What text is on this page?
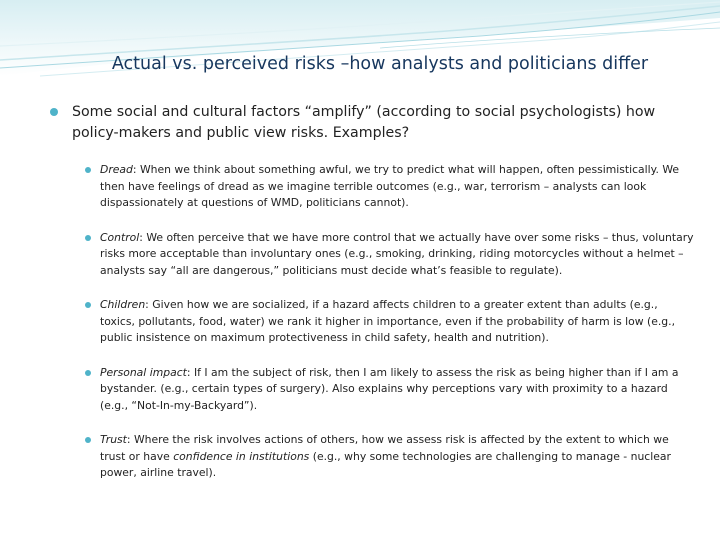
Actual vs. perceived risks –how analysts and politicians differ
Some social and cultural factors “amplify” (according to social psychologists) how policy-makers and public view risks. Examples?
Dread: When we think about something awful, we try to predict what will happen, often pessimistically. We then have feelings of dread as we imagine terrible outcomes (e.g., war, terrorism – analysts can look dispassionately at questions of WMD, politicians cannot).
Control: We often perceive that we have more control that we actually have over some risks – thus, voluntary risks more acceptable than involuntary ones (e.g., smoking, drinking, riding motorcycles without a helmet – analysts say “all are dangerous,” politicians must decide what’s feasible to regulate).
Children: Given how we are socialized, if a hazard affects children to a greater extent than adults (e.g., toxics, pollutants, food, water) we rank it higher in importance, even if the probability of harm is low (e.g., public insistence on maximum protectiveness in child safety, health and nutrition).
Personal impact: If I am the subject of risk, then I am likely to assess the risk as being higher than if I am a bystander. (e.g., certain types of surgery). Also explains why perceptions vary with proximity to a hazard (e.g., “Not-In-my-Backyard”).
Trust: Where the risk involves actions of others, how we assess risk is affected by the extent to which we trust or have confidence in institutions (e.g., why some technologies are challenging to manage - nuclear power, airline travel).
